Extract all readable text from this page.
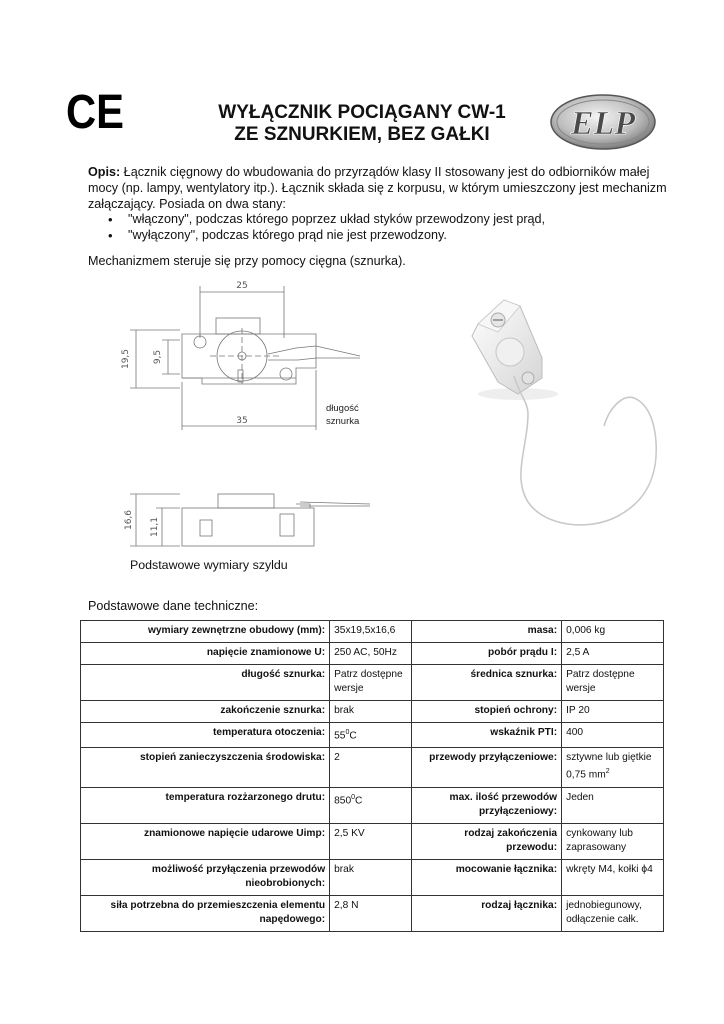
CE	WYŁĄCZNIK POCIĄGANY CW-1
ZE SZNURKIEM, BEZ GAŁKI	ELP
Opis: Łącznik cięgnowy do wbudowania do przyrządów klasy II stosowany jest do odbiorników małej mocy (np. lampy, wentylatory itp.). Łącznik składa się z korpusu, w którym umieszczony jest mechanizm załączający. Posiada on dwa stany:
• "włączony", podczas którego poprzez układ styków przewodzony jest prąd,
• "wyłączony", podczas którego prąd nie jest przewodzony.
Mechanizmem steruje się przy pomocy cięgna (sznurka).
25
35
19,5 9,5
długość
sznurka
16,6 11,1
Podstawowe wymiary szyldu
Podstawowe dane techniczne:
wymiary zewnętrzne obudowy (mm):	35x19,5x16,6	masa:	0,006 kg
napięcie znamionowe U:	250 AC, 50Hz	pobór prądu I:	2,5 A
długość sznurka:	Patrz dostępne wersje	średnica sznurka:	Patrz dostępne wersje
zakończenie sznurka:	brak	stopień ochrony:	IP 20
temperatura otoczenia:	$55^0C$	wskaźnik PTI:	400
stopień zanieczyszczenia środowiska:	2	przewody przyłączeniowe:	sztywne lub giętkie 0,75 $mm^2$
temperatura rozżarzonego drutu:	$850^0C$	max. ilość przewodów przyłączeniowy:	Jeden
znamionowe napięcie udarowe Uimp:	2,5 KV	rodzaj zakończenia przewodu:	cynkowany lub zaprasowany
możliwość przyłączenia przewodów nieobrobionych:	brak	mocowanie łącznika:	wkręty M4, kołki ϕ4
siła potrzebna do przemieszczenia elementu napędowego:	2,8 N	rodzaj łącznika:	jednobiegunowy, odłączenie całk.
